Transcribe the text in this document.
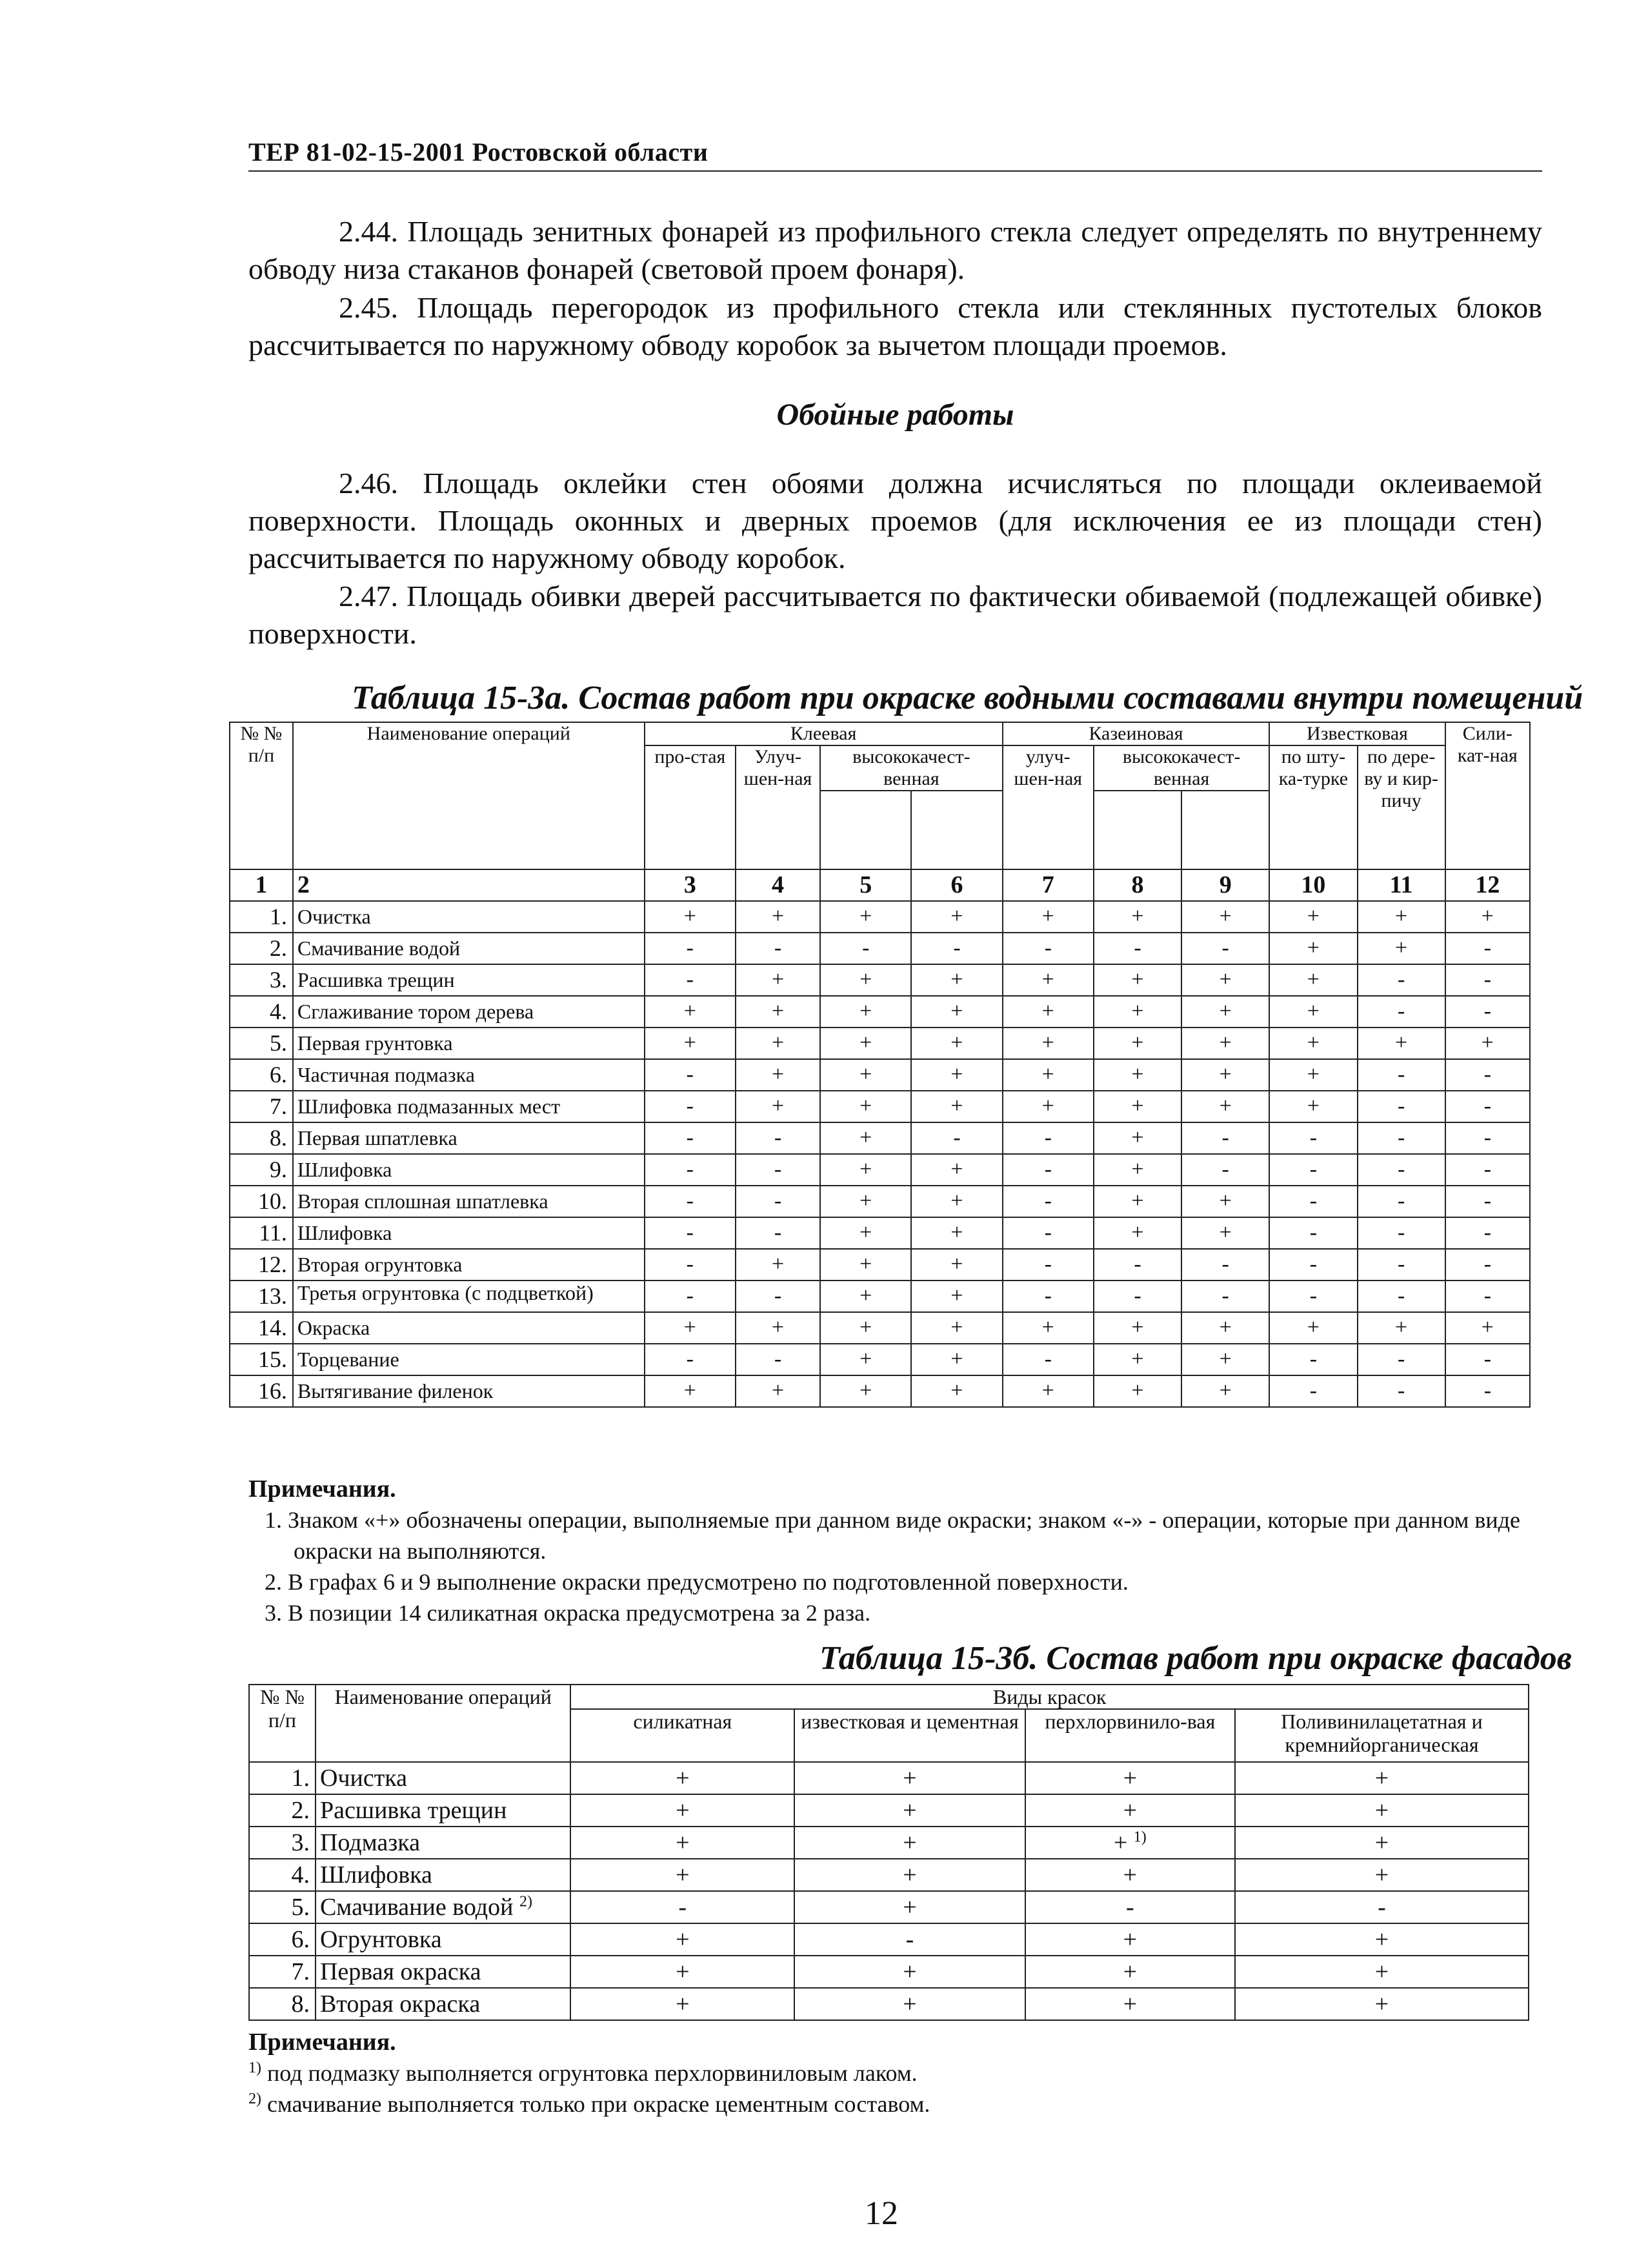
ТЕР 81-02-15-2001 Ростовской области
2.44. Площадь зенитных фонарей из профильного стекла следует определять по внутреннему обводу низа стаканов фонарей (световой проем фонаря).
2.45. Площадь перегородок из профильного стекла или стеклянных пустотелых блоков рассчитывается по наружному обводу коробок за вычетом площади проемов.
Обойные работы
2.46. Площадь оклейки стен обоями должна исчисляться по площади оклеиваемой поверхности. Площадь оконных и дверных проемов (для исключения ее из площади стен) рассчитывается по наружному обводу коробок.
2.47. Площадь обивки дверей рассчитывается по фактически обиваемой (подлежащей обивке) поверхности.
Таблица 15-3а. Состав работ при окраске водными составами внутри помещений
№ № п/п	Наименование операций	Клеевая				Казеиновая			Известковая		Сили-кат-ная
		про-стая	Улуч-шен-ная	высококачест-венная		улуч-шен-ная	высококачест-венная		по шту-ка-турке	по дере-ву и кир-пичу	

1	2	3	4	5	6	7	8	9	10	11	12
1.	Очистка	+	+	+	+	+	+	+	+	+	+
2.	Смачивание водой	-	-	-	-	-	-	-	+	+	-
3.	Расшивка трещин	-	+	+	+	+	+	+	+	-	-
4.	Сглаживание тором дерева	+	+	+	+	+	+	+	+	-	-
5.	Первая грунтовка	+	+	+	+	+	+	+	+	+	+
6.	Частичная подмазка	-	+	+	+	+	+	+	+	-	-
7.	Шлифовка подмазанных мест	-	+	+	+	+	+	+	+	-	-
8.	Первая шпатлевка	-	-	+	-	-	+	-	-	-	-
9.	Шлифовка	-	-	+	+	-	+	-	-	-	-
10.	Вторая сплошная шпатлевка	-	-	+	+	-	+	+	-	-	-
11.	Шлифовка	-	-	+	+	-	+	+	-	-	-
12.	Вторая огрунтовка	-	+	+	+	-	-	-	-	-	-
13.	Третья огрунтовка (с подцветкой)	-	-	+	+	-	-	-	-	-	-
14.	Окраска	+	+	+	+	+	+	+	+	+	+
15.	Торцевание	-	-	+	+	-	+	+	-	-	-
16.	Вытягивание филенок	+	+	+	+	+	+	+	-	-	-
Примечания.
1. Знаком «+» обозначены операции, выполняемые при данном виде окраски; знаком «-» - операции, которые при данном виде окраски на выполняются.
2. В графах 6 и 9 выполнение окраски предусмотрено по подготовленной поверхности.
3. В позиции 14 силикатная окраска предусмотрена за 2 раза.
Таблица 15-3б. Состав работ при окраске фасадов
№ № п/п	Наименование операций	Виды красок			
		силикатная	известковая и цементная	перхлорвинило-вая	Поливинилацетатная и кремнийорганическая
1.	Очистка	+	+	+	+
2.	Расшивка трещин	+	+	+	+
3.	Подмазка	+	+	+ $^{1)}$	+
4.	Шлифовка	+	+	+	+
5.	Смачивание водой $^{2)}$	-	+	-	-
6.	Огрунтовка	+	-	+	+
7.	Первая окраска	+	+	+	+
8.	Вторая окраска	+	+	+	+
Примечания.
$^{1)}$ под подмазку выполняется огрунтовка перхлорвиниловым лаком.
$^{2)}$ смачивание выполняется только при окраске цементным составом.
12
